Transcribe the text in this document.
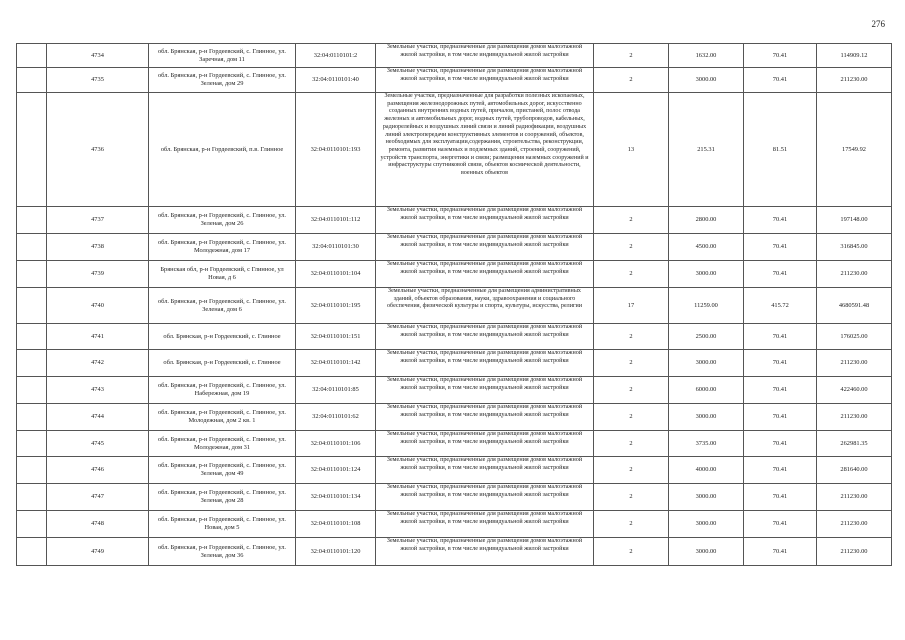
276
	4734	обл. Брянская, р-н Гордеевский, с. Глинное, ул. Заречная, дом 11	32:04:0110101:2	Земельные участки, предназначенные для размещения домов малоэтажной жилой застройки, в том числе индивидуальной жилой застройки	2	1632.00	70.41	114909.12
	4735	обл. Брянская, р-н Гордеевский, с. Глинное, ул. Зеленая, дом 29	32:04:0110101:40	Земельные участки, предназначенные для размещения домов малоэтажной жилой застройки, в том числе индивидуальной жилой застройки	2	3000.00	70.41	211230.00
	4736	обл. Брянская, р-н Гордеевский, п.в. Глинное	32:04:0110101:193	Земельные участки, предназначенные для разработки полезных ископаемых, размещения железнодорожных путей, автомобильных дорог, искусственно созданных внутренних водных путей, причалов, пристаней, полос отвода железных и автомобильных дорог, водных путей, трубопроводов, кабельных, радиорелейных и воздушных линий связи и линий радиофикации, воздушных линий электропередачи конструктивных элементов и сооружений, объектов, необходимых для эксплуатации,содержания, строительства, реконструкции, ремонта, развития наземных и подземных зданий, строений, сооружений, устройств транспорта, энергетики и связи; размещения наземных сооружений и инфраструктуры спутниковой связи, объектов космической деятельности, военных объектов	13	215.31	81.51	17549.92
	4737	обл. Брянская, р-н Гордеевский, с. Глинное, ул. Зеленая, дом 26	32:04:0110101:112	Земельные участки, предназначенные для размещения домов малоэтажной жилой застройки, в том числе индивидуальной жилой застройки	2	2800.00	70.41	197148.00
	4738	обл. Брянская, р-н Гордеевский, с. Глинное, ул. Молодежная, дом 17	32:04:0110101:30	Земельные участки, предназначенные для размещения домов малоэтажной жилой застройки, в том числе индивидуальной жилой застройки	2	4500.00	70.41	316845.00
	4739	Брянская обл, р-н Гордеевский, с Глинное, ул Новая, д 6	32:04:0110101:104	Земельные участки, предназначенные для размещения домов малоэтажной жилой застройки, в том числе индивидуальной жилой застройки	2	3000.00	70.41	211230.00
	4740	обл. Брянская, р-н Гордеевский, с. Глинное, ул. Зеленая, дом 6	32:04:0110101:195	Земельные участки, предназначенные для размещения административных зданий, объектов образования, науки, здравоохранения и социального обеспечения, физической культуры и спорта, культуры, искусства, религии	17	11259.00	415.72	4680591.48
	4741	обл. Брянская, р-н Гордеевский, с. Глинное	32:04:0110101:151	Земельные участки, предназначенные для размещения домов малоэтажной жилой застройки, в том числе индивидуальной жилой застройки	2	2500.00	70.41	176025.00
	4742	обл. Брянская, р-н Гордеевский, с. Глинное	32:04:0110101:142	Земельные участки, предназначенные для размещения домов малоэтажной жилой застройки, в том числе индивидуальной жилой застройки	2	3000.00	70.41	211230.00
	4743	обл. Брянская, р-н Гордеевский, с. Глинное, ул. Набережная, дом 19	32:04:0110101:85	Земельные участки, предназначенные для размещения домов малоэтажной жилой застройки, в том числе индивидуальной жилой застройки	2	6000.00	70.41	422460.00
	4744	обл. Брянская, р-н Гордеевский, с. Глинное, ул. Молодежная, дом 2 кв. 1	32:04:0110101:62	Земельные участки, предназначенные для размещения домов малоэтажной жилой застройки, в том числе индивидуальной жилой застройки	2	3000.00	70.41	211230.00
	4745	обл. Брянская, р-н Гордеевский, с. Глинное, ул. Молодежная, дом 31	32:04:0110101:106	Земельные участки, предназначенные для размещения домов малоэтажной жилой застройки, в том числе индивидуальной жилой застройки	2	3735.00	70.41	262981.35
	4746	обл. Брянская, р-н Гордеевский, с. Глинное, ул. Зеленая, дом 49	32:04:0110101:124	Земельные участки, предназначенные для размещения домов малоэтажной жилой застройки, в том числе индивидуальной жилой застройки	2	4000.00	70.41	281640.00
	4747	обл. Брянская, р-н Гордеевский, с. Глинное, ул. Зеленая, дом 28	32:04:0110101:134	Земельные участки, предназначенные для размещения домов малоэтажной жилой застройки, в том числе индивидуальной жилой застройки	2	3000.00	70.41	211230.00
	4748	обл. Брянская, р-н Гордеевский, с. Глинное, ул. Новая, дом 5	32:04:0110101:108	Земельные участки, предназначенные для размещения домов малоэтажной жилой застройки, в том числе индивидуальной жилой застройки	2	3000.00	70.41	211230.00
	4749	обл. Брянская, р-н Гордеевский, с. Глинное, ул. Зеленая, дом 36	32:04:0110101:120	Земельные участки, предназначенные для размещения домов малоэтажной жилой застройки, в том числе индивидуальной жилой застройки	2	3000.00	70.41	211230.00
